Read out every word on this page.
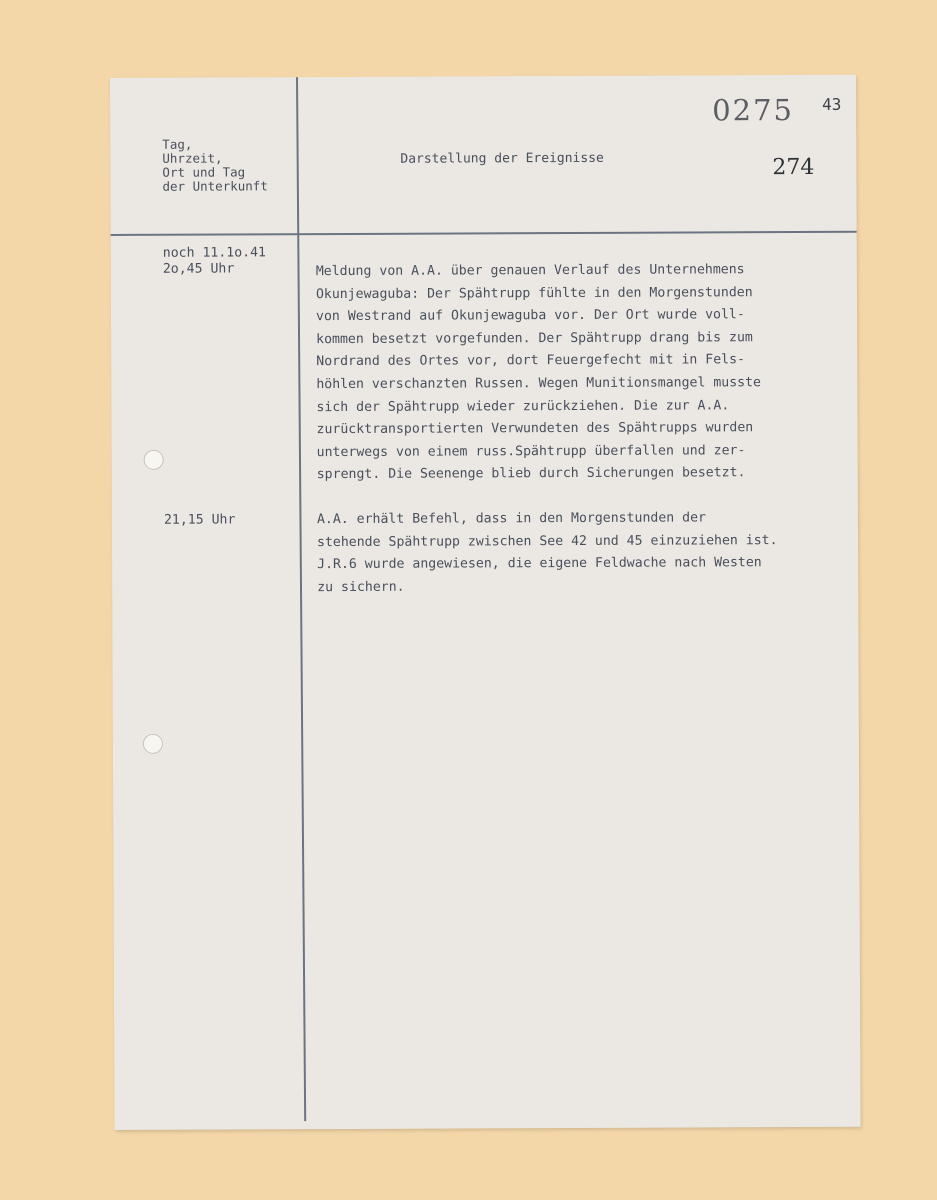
Tag,
Uhrzeit,
Ort und Tag
der Unterkunft
Darstellung der Ereignisse
0275 43
274
noch 11.1o.41
2o,45 Uhr	Meldung von A.A. über genauen Verlauf des Unternehmens
Okunjewaguba: Der Spähtrupp fühlte in den Morgenstunden
von Westrand auf Okunjewaguba vor. Der Ort wurde voll-
kommen besetzt vorgefunden. Der Spähtrupp drang bis zum
Nordrand des Ortes vor, dort Feuergefecht mit in Fels-
höhlen verschanzten Russen. Wegen Munitionsmangel musste
sich der Spähtrupp wieder zurückziehen. Die zur A.A.
zurücktransportierten Verwundeten des Spähtrupps wurden
unterwegs von einem russ.Spähtrupp überfallen und zer-
sprengt. Die Seenenge blieb durch Sicherungen besetzt.
21,15 Uhr	A.A. erhält Befehl, dass in den Morgenstunden der
stehende Spähtrupp zwischen See 42 und 45 einzuziehen ist.
J.R.6 wurde angewiesen, die eigene Feldwache nach Westen
zu sichern.
